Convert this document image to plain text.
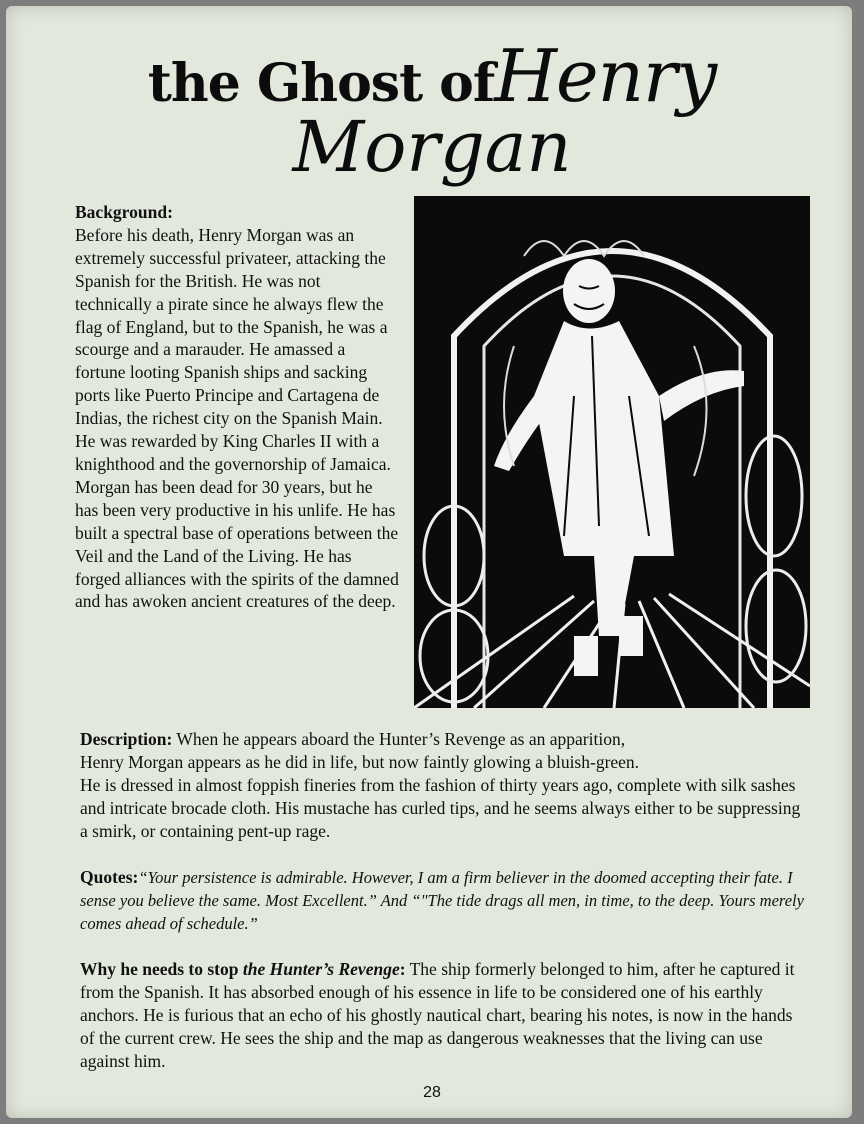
the Ghost ofHenry
Morgan
Background:
Before his death, Henry Morgan was an extremely successful privateer, attacking the Spanish for the British. He was not technically a pirate since he always flew the flag of England, but to the Spanish, he was a scourge and a marauder. He amassed a fortune looting Spanish ships and sacking ports like Puerto Principe and Cartagena de Indias, the richest city on the Spanish Main. He was rewarded by King Charles II with a knighthood and the governorship of Jamaica. Morgan has been dead for 30 years, but he has been very productive in his unlife. He has built a spectral base of operations between the Veil and the Land of the Living. He has forged alliances with the spirits of the damned and has awoken ancient creatures of the deep.
Description: When he appears aboard the Hunter’s Revenge as an apparition,
Henry Morgan appears as he did in life, but now faintly glowing a bluish-green.
He is dressed in almost foppish fineries from the fashion of thirty years ago, complete with silk sashes and intricate brocade cloth. His mustache has curled tips, and he seems always either to be suppressing a smirk, or containing pent-up rage.
Quotes:“Your persistence is admirable. However, I am a firm believer in the doomed accepting their fate. I sense you believe the same. Most Excellent.” And “"The tide drags all men, in time, to the deep. Yours merely comes ahead of schedule.”
Why he needs to stop the Hunter’s Revenge: The ship formerly belonged to him, after he captured it from the Spanish. It has absorbed enough of his essence in life to be considered one of his earthly anchors. He is furious that an echo of his ghostly nautical chart, bearing his notes, is now in the hands of the current crew. He sees the ship and the map as dangerous weaknesses that the living can use against him.
28
